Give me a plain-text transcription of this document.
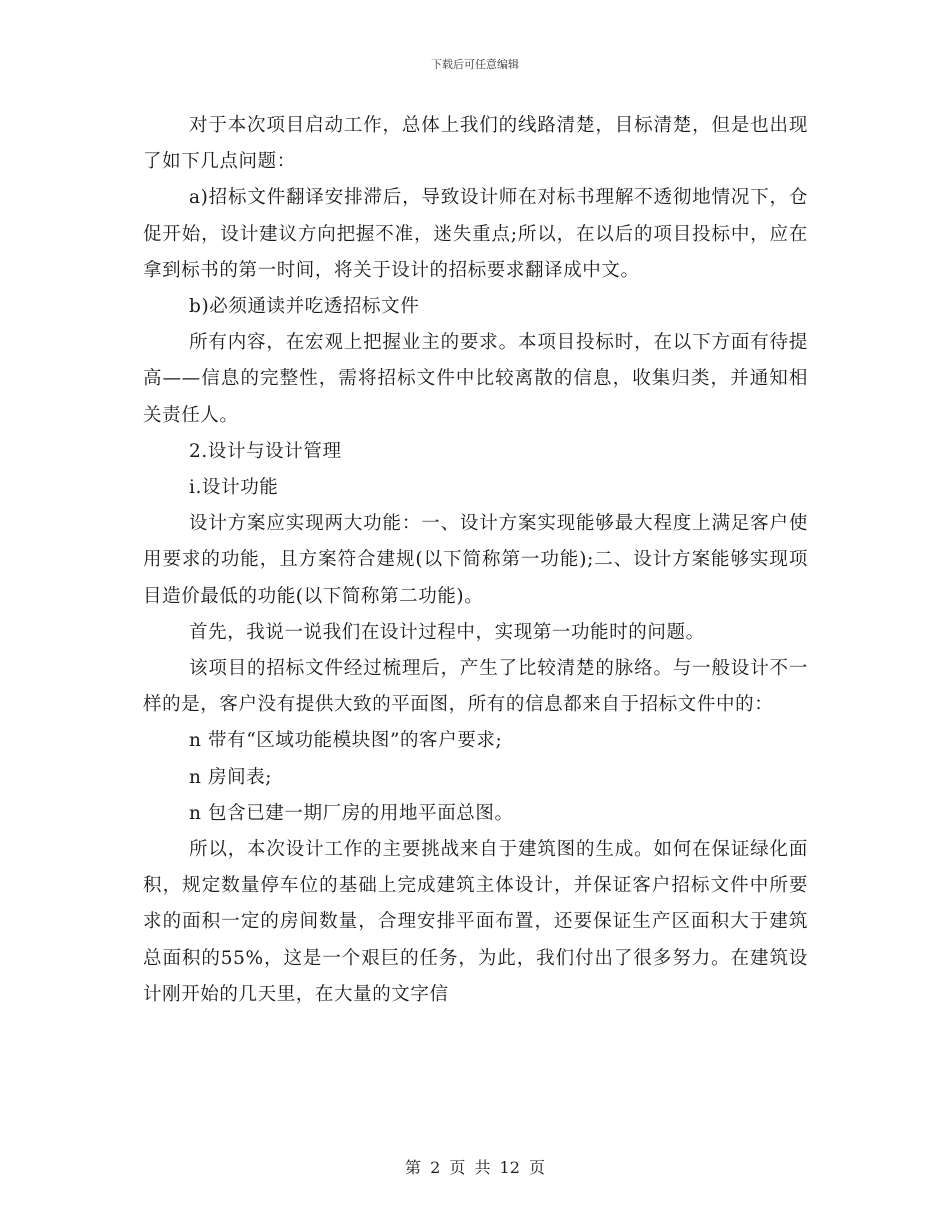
下载后可任意编辑

对于本次项目启动工作，总体上我们的线路清楚，目标清楚，但是也出现了如下几点问题：

a)招标文件翻译安排滞后，导致设计师在对标书理解不透彻地情况下，仓促开始，设计建议方向把握不准，迷失重点;所以，在以后的项目投标中，应在拿到标书的第一时间，将关于设计的招标要求翻译成中文。

b)必须通读并吃透招标文件

所有内容，在宏观上把握业主的要求。本项目投标时，在以下方面有待提高——信息的完整性，需将招标文件中比较离散的信息，收集归类，并通知相关责任人。

2.设计与设计管理

i.设计功能

设计方案应实现两大功能：一、设计方案实现能够最大程度上满足客户使用要求的功能，且方案符合建规(以下简称第一功能);二、设计方案能够实现项目造价最低的功能(以下简称第二功能)。

首先，我说一说我们在设计过程中，实现第一功能时的问题。

该项目的招标文件经过梳理后，产生了比较清楚的脉络。与一般设计不一样的是，客户没有提供大致的平面图，所有的信息都来自于招标文件中的：

n 带有“区域功能模块图”的客户要求;

n 房间表;

n 包含已建一期厂房的用地平面总图。

所以，本次设计工作的主要挑战来自于建筑图的生成。如何在保证绿化面积，规定数量停车位的基础上完成建筑主体设计，并保证客户招标文件中所要求的面积一定的房间数量，合理安排平面布置，还要保证生产区面积大于建筑总面积的55%，这是一个艰巨的任务，为此，我们付出了很多努力。在建筑设计刚开始的几天里，在大量的文字信

第 2 页 共 12 页
